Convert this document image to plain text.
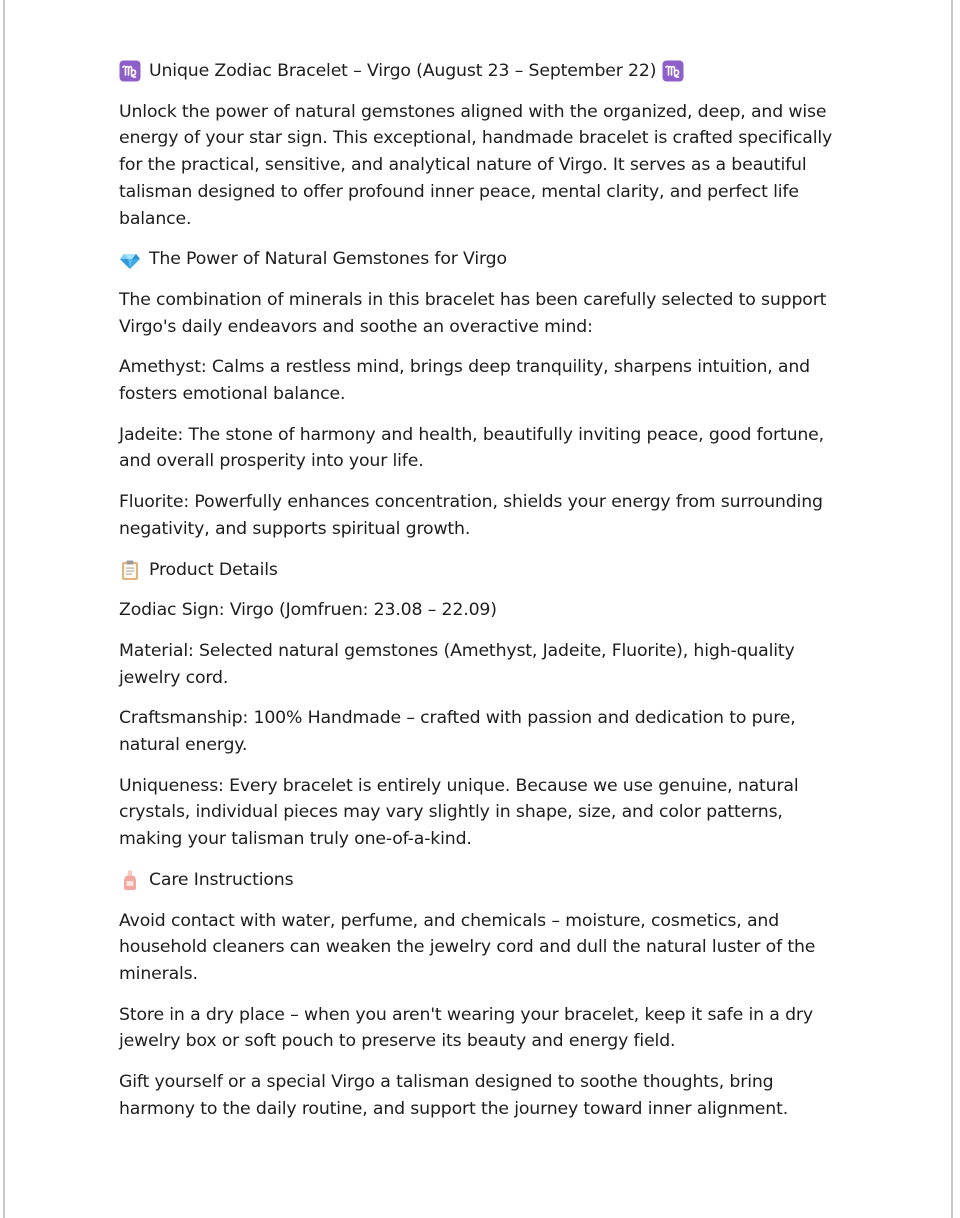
Unique Zodiac Bracelet – Virgo (August 23 – September 22)

Unlock the power of natural gemstones aligned with the organized, deep, and wise energy of your star sign. This exceptional, handmade bracelet is crafted specifically for the practical, sensitive, and analytical nature of Virgo. It serves as a beautiful talisman designed to offer profound inner peace, mental clarity, and perfect life balance.

The Power of Natural Gemstones for Virgo

The combination of minerals in this bracelet has been carefully selected to support Virgo's daily endeavors and soothe an overactive mind:

Amethyst: Calms a restless mind, brings deep tranquility, sharpens intuition, and fosters emotional balance.

Jadeite: The stone of harmony and health, beautifully inviting peace, good fortune, and overall prosperity into your life.

Fluorite: Powerfully enhances concentration, shields your energy from surrounding negativity, and supports spiritual growth.

Product Details

Zodiac Sign: Virgo (Jomfruen: 23.08 – 22.09)

Material: Selected natural gemstones (Amethyst, Jadeite, Fluorite), high-quality jewelry cord.

Craftsmanship: 100% Handmade – crafted with passion and dedication to pure, natural energy.

Uniqueness: Every bracelet is entirely unique. Because we use genuine, natural crystals, individual pieces may vary slightly in shape, size, and color patterns, making your talisman truly one-of-a-kind.

Care Instructions

Avoid contact with water, perfume, and chemicals – moisture, cosmetics, and household cleaners can weaken the jewelry cord and dull the natural luster of the minerals.

Store in a dry place – when you aren't wearing your bracelet, keep it safe in a dry jewelry box or soft pouch to preserve its beauty and energy field.

Gift yourself or a special Virgo a talisman designed to soothe thoughts, bring harmony to the daily routine, and support the journey toward inner alignment.
